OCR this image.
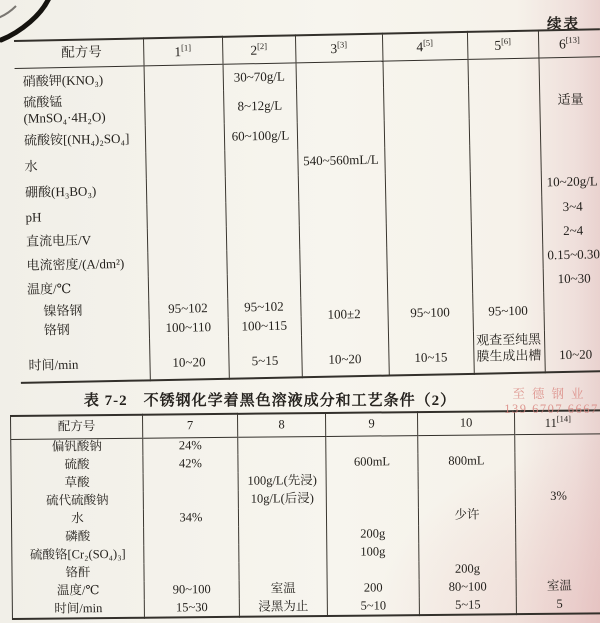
续表
配方号	1[1]	2[2]	3[3]	4[5]	5[6]	6[13]
硝酸钾(KNO₃)		30~70g/L				
硫酸锰(MnSO₄·4H₂O)		8~12g/L				适量
硫酸铵[(NH₄)₂SO₄]		60~100g/L				
水			540~560mL/L			
硼酸(H₃BO₃)						10~20g/L
pH						3~4
直流电压/V						2~4
电流密度/(A/dm²)						0.15~0.30
温度/℃						10~30
镍铬钢	95~102	95~102	100±2	95~100	95~100	
铬钢	100~110	100~115				
时间/min	10~20	5~15	10~20	10~15	观查至纯黑膜生成出槽	10~20
表 7-2　不锈钢化学着黑色溶液成分和工艺条件（2）	至德钢业
139 6707 6667
配方号	7	8	9	10	11[14]
偏钒酸钠	24%				
硫酸	42%		600mL	800mL	
草酸		100g/L(先浸)			
硫代硫酸钠		10g/L(后浸)			3%
水	34%			少许	
磷酸			200g		
硫酸铬[Cr₂(SO₄)₃]			100g		
铬酐				200g	
温度/℃	90~100	室温	200	80~100	室温
时间/min	15~30	浸黑为止	5~10	5~15	5
